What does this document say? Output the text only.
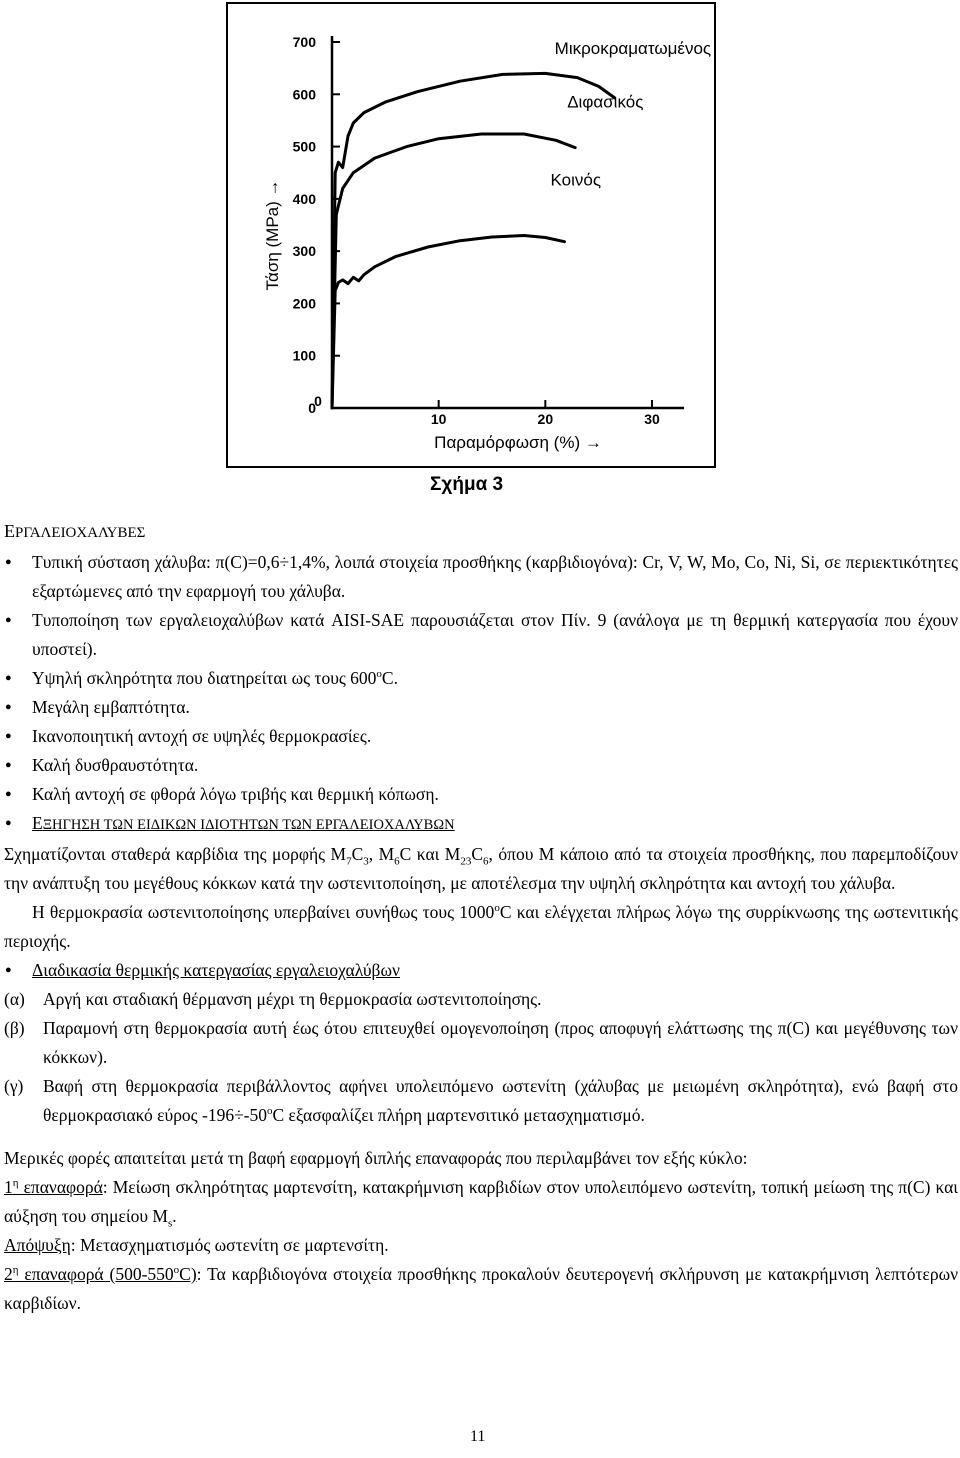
0
100
200
300
400
500
600
700
0
10	20	30
Τάση (MPa) →
Παραμόρφωση (%) →
Μικροκραματωμένος
Διφασικός
Κοινός
Σχήμα 3

ΕΡΓΑΛΕΙΟΧΑΛΥΒΕΣ

● Τυπική σύσταση χάλυβα: π(C)=0,6÷1,4%, λοιπά στοιχεία προσθήκης (καρβιδιογόνα): Cr, V, W, Mo, Co, Ni, Si, σε περιεκτικότητες εξαρτώμενες από την εφαρμογή του χάλυβα.
● Τυποποίηση των εργαλειοχαλύβων κατά AISI-SAE παρουσιάζεται στον Πίν. 9 (ανάλογα με τη θερμική κατεργασία που έχουν υποστεί).
● Υψηλή σκληρότητα που διατηρείται ως τους 600$^o$C.
● Μεγάλη εμβαπτότητα.
● Ικανοποιητική αντοχή σε υψηλές θερμοκρασίες.
● Καλή δυσθραυστότητα.
● Καλή αντοχή σε φθορά λόγω τριβής και θερμική κόπωση.
● ΕΞΗΓΗΣΗ ΤΩΝ ΕΙΔΙΚΩΝ ΙΔΙΟΤΗΤΩΝ ΤΩΝ ΕΡΓΑΛΕΙΟΧΑΛΥΒΩΝ

Σχηματίζονται σταθερά καρβίδια της μορφής $M_7C_3$, $M_6C$ και $M_{23}C_6$, όπου M κάποιο από τα στοιχεία προσθήκης, που παρεμποδίζουν την ανάπτυξη του μεγέθους κόκκων κατά την ωστενιτοποίηση, με αποτέλεσμα την υψηλή σκληρότητα και αντοχή του χάλυβα.

Η θερμοκρασία ωστενιτοποίησης υπερβαίνει συνήθως τους 1000$^o$C και ελέγχεται πλήρως λόγω της συρρίκνωσης της ωστενιτικής περιοχής.

● Διαδικασία θερμικής κατεργασίας εργαλειοχαλύβων
(α) Αργή και σταδιακή θέρμανση μέχρι τη θερμοκρασία ωστενιτοποίησης.
(β) Παραμονή στη θερμοκρασία αυτή έως ότου επιτευχθεί ομογενοποίηση (προς αποφυγή ελάττωσης της π(C) και μεγέθυνσης των κόκκων).
(γ) Βαφή στη θερμοκρασία περιβάλλοντος αφήνει υπολειπόμενο ωστενίτη (χάλυβας με μειωμένη σκληρότητα), ενώ βαφή στο θερμοκρασιακό εύρος $-196\div-50^oC$ εξασφαλίζει πλήρη μαρτενσιτικό μετασχηματισμό.

Μερικές φορές απαιτείται μετά τη βαφή εφαρμογή διπλής επαναφοράς που περιλαμβάνει τον εξής κύκλο:

$1^\eta$ επαναφορά: Μείωση σκληρότητας μαρτενσίτη, κατακρήμνιση καρβιδίων στον υπολειπόμενο ωστενίτη, τοπική μείωση της π(C) και αύξηση του σημείου $M_s$.

Απόψυξη: Μετασχηματισμός ωστενίτη σε μαρτενσίτη.

$2^\eta$ επαναφορά (500-550$^o$C): Τα καρβιδιογόνα στοιχεία προσθήκης προκαλούν δευτερογενή σκλήρυνση με κατακρήμνιση λεπτότερων καρβιδίων.

11
